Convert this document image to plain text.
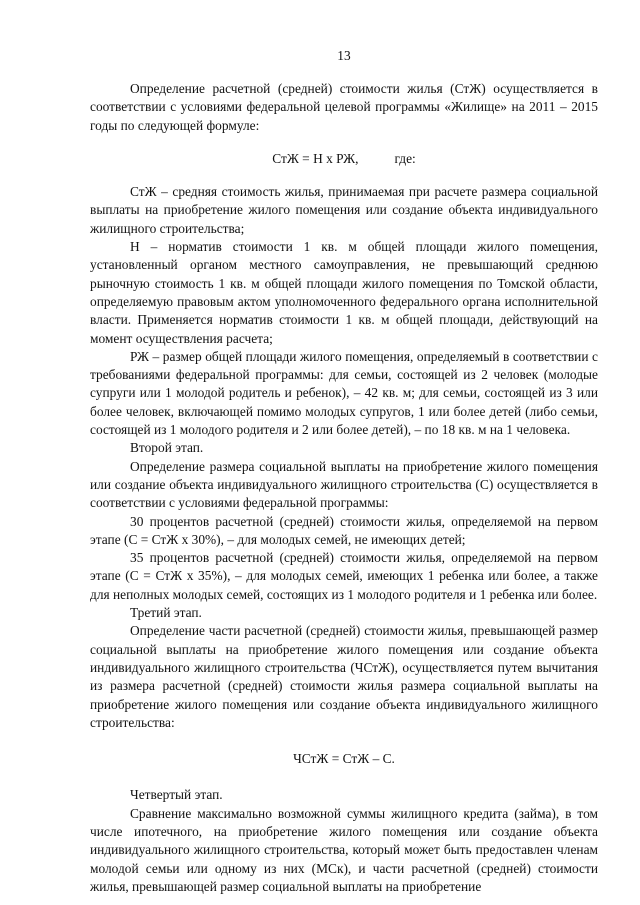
13

Определение расчетной (средней) стоимости жилья (СтЖ) осуществляется в соответствии с условиями федеральной целевой программы «Жилище» на 2011 – 2015 годы по следующей формуле:

СтЖ = Н х РЖ,	где:

СтЖ – средняя стоимость жилья, принимаемая при расчете размера социальной выплаты на приобретение жилого помещения или создание объекта индивидуального жилищного строительства;

Н – норматив стоимости 1 кв. м общей площади жилого помещения, установленный органом местного самоуправления, не превышающий среднюю рыночную стоимость 1 кв. м общей площади жилого помещения по Томской области, определяемую правовым актом уполномоченного федерального органа исполнительной власти. Применяется норматив стоимости 1 кв. м общей площади, действующий на момент осуществления расчета;

РЖ – размер общей площади жилого помещения, определяемый в соответствии с требованиями федеральной программы: для семьи, состоящей из 2 человек (молодые супруги или 1 молодой родитель и ребенок), – 42 кв. м; для семьи, состоящей из 3 или более человек, включающей помимо молодых супругов, 1 или более детей (либо семьи, состоящей из 1 молодого родителя и 2 или более детей), – по 18 кв. м на 1 человека.

Второй этап.

Определение размера социальной выплаты на приобретение жилого помещения или создание объекта индивидуального жилищного строительства (С) осуществляется в соответствии с условиями федеральной программы:

30 процентов расчетной (средней) стоимости жилья, определяемой на первом этапе (С = СтЖ х 30%), – для молодых семей, не имеющих детей;

35 процентов расчетной (средней) стоимости жилья, определяемой на первом этапе (С = СтЖ х 35%), – для молодых семей, имеющих 1 ребенка или более, а также для неполных молодых семей, состоящих из 1 молодого родителя и 1 ребенка или более.

Третий этап.

Определение части расчетной (средней) стоимости жилья, превышающей размер социальной выплаты на приобретение жилого помещения или создание объекта индивидуального жилищного строительства (ЧСтЖ), осуществляется путем вычитания из размера расчетной (средней) стоимости жилья размера социальной выплаты на приобретение жилого помещения или создание объекта индивидуального жилищного строительства:

ЧСтЖ = СтЖ – С.

Четвертый этап.

Сравнение максимально возможной суммы жилищного кредита (займа), в том числе ипотечного, на приобретение жилого помещения или создание объекта индивидуального жилищного строительства, который может быть предоставлен членам молодой семьи или одному из них (МСк), и части расчетной (средней) стоимости жилья, превышающей размер социальной выплаты на приобретение
